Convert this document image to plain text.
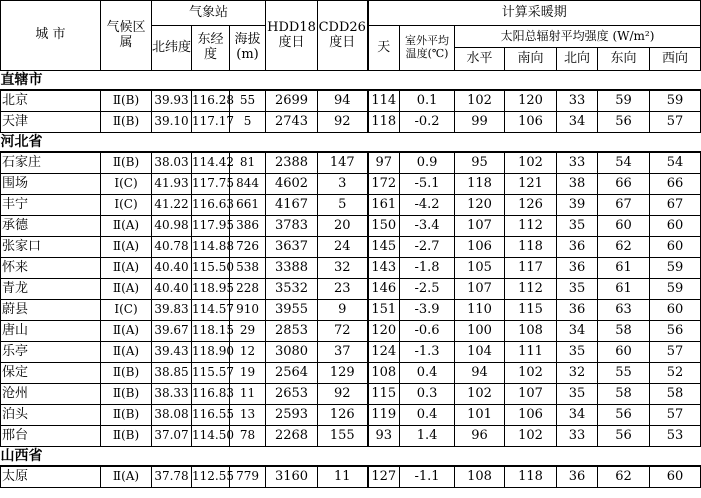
城 市	气候区属	气象站			HDD18 度日	CDD26 度日	计算采暖期						
		北纬度	东经度	海拔(m)			天	室外平均温度(℃)	太阳总辐射平均强度 (W/m²)				
									水平	南向	北向	东向	西向
直辖市													
北京	Ⅱ(B)	39.93	116.28	55	2699	94	114	0.1	102	120	33	59	59
天津	Ⅱ(B)	39.10	117.17	5	2743	92	118	-0.2	99	106	34	56	57
河北省													
石家庄	Ⅱ(B)	38.03	114.42	81	2388	147	97	0.9	95	102	33	54	54
围场	Ⅰ(C)	41.93	117.75	844	4602	3	172	-5.1	118	121	38	66	66
丰宁	Ⅰ(C)	41.22	116.63	661	4167	5	161	-4.2	120	126	39	67	67
承德	Ⅱ(A)	40.98	117.95	386	3783	20	150	-3.4	107	112	35	60	60
张家口	Ⅱ(A)	40.78	114.88	726	3637	24	145	-2.7	106	118	36	62	60
怀来	Ⅱ(A)	40.40	115.50	538	3388	32	143	-1.8	105	117	36	61	59
青龙	Ⅱ(A)	40.40	118.95	228	3532	23	146	-2.5	107	112	35	61	59
蔚县	Ⅰ(C)	39.83	114.57	910	3955	9	151	-3.9	110	115	36	63	60
唐山	Ⅱ(A)	39.67	118.15	29	2853	72	120	-0.6	100	108	34	58	56
乐亭	Ⅱ(A)	39.43	118.90	12	3080	37	124	-1.3	104	111	35	60	57
保定	Ⅱ(B)	38.85	115.57	19	2564	129	108	0.4	94	102	32	55	52
沧州	Ⅱ(B)	38.33	116.83	11	2653	92	115	0.3	102	107	35	58	58
泊头	Ⅱ(B)	38.08	116.55	13	2593	126	119	0.4	101	106	34	56	57
邢台	Ⅱ(B)	37.07	114.50	78	2268	155	93	1.4	96	102	33	56	53
山西省													
太原	Ⅱ(A)	37.78	112.55	779	3160	11	127	-1.1	108	118	36	62	60
